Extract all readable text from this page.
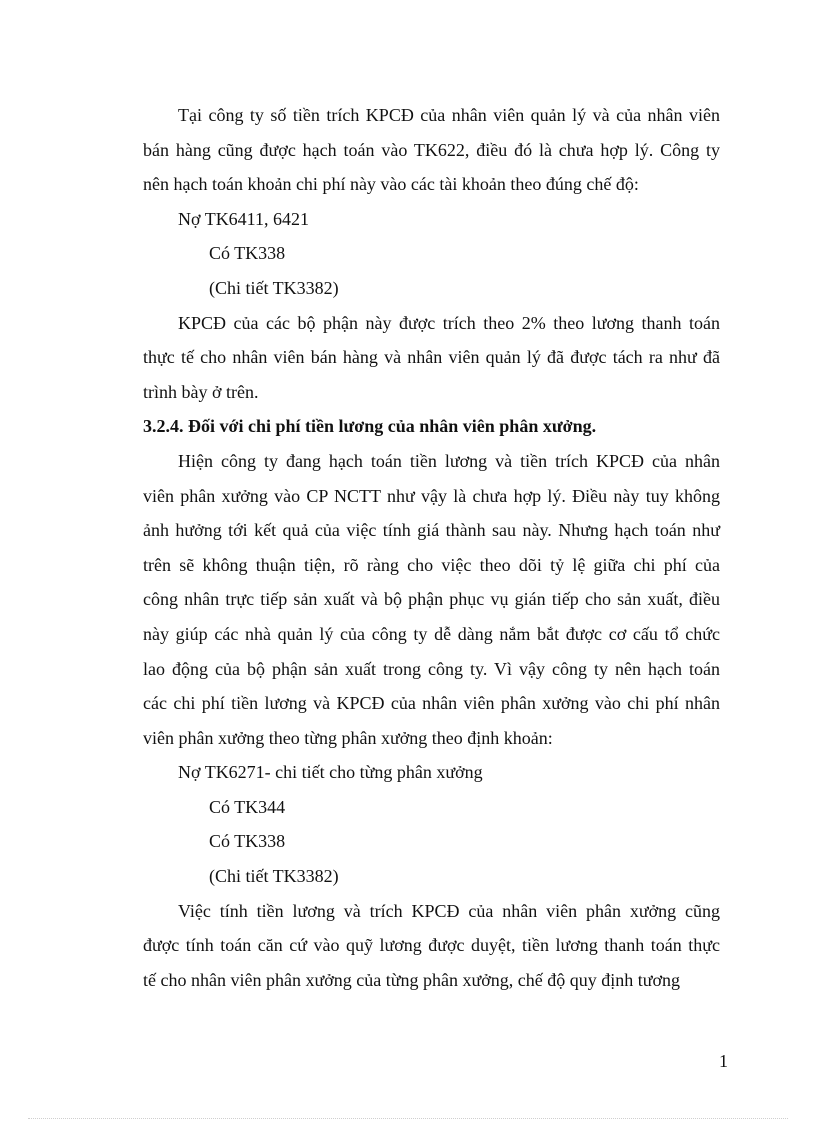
Tại công ty số tiền trích KPCĐ của nhân viên quản lý và của nhân viên

bán hàng cũng được hạch toán vào TK622, điều đó là chưa hợp lý. Công ty

nên hạch toán khoản chi phí này vào các tài khoản theo đúng chế độ:

Nợ TK6411, 6421

Có TK338

(Chi tiết TK3382)

KPCĐ của các bộ phận này được trích theo 2% theo lương thanh toán

thực tế cho nhân viên bán hàng và nhân viên quản lý đã được tách ra như đã

trình bày ở trên.

3.2.4. Đối với chi phí tiền lương của nhân viên phân xưởng.

Hiện công ty đang hạch toán tiền lương và tiền trích KPCĐ của nhân

viên phân xưởng vào CP NCTT như vậy là chưa hợp lý. Điều này tuy không

ảnh hưởng tới kết quả của việc tính giá thành sau này. Nhưng hạch toán như

trên sẽ không thuận tiện, rõ ràng cho việc theo dõi tỷ lệ giữa chi phí của

công nhân trực tiếp sản xuất và bộ phận phục vụ gián tiếp cho sản xuất, điều

này giúp các nhà quản lý của công ty dễ dàng nắm bắt được cơ cấu tổ chức

lao động của bộ phận sản xuất trong công ty. Vì vậy công ty nên hạch toán

các chi phí tiền lương và KPCĐ của nhân viên phân xưởng vào chi phí nhân

viên phân xưởng theo từng phân xưởng theo định khoản:

Nợ TK6271- chi tiết cho từng phân xưởng

Có TK344

Có TK338

(Chi tiết TK3382)

Việc tính tiền lương và trích KPCĐ của nhân viên phân xưởng cũng

được tính toán căn cứ vào quỹ lương được duyệt, tiền lương thanh toán thực

tế cho nhân viên phân xưởng của từng phân xưởng, chế độ quy định tương

1
